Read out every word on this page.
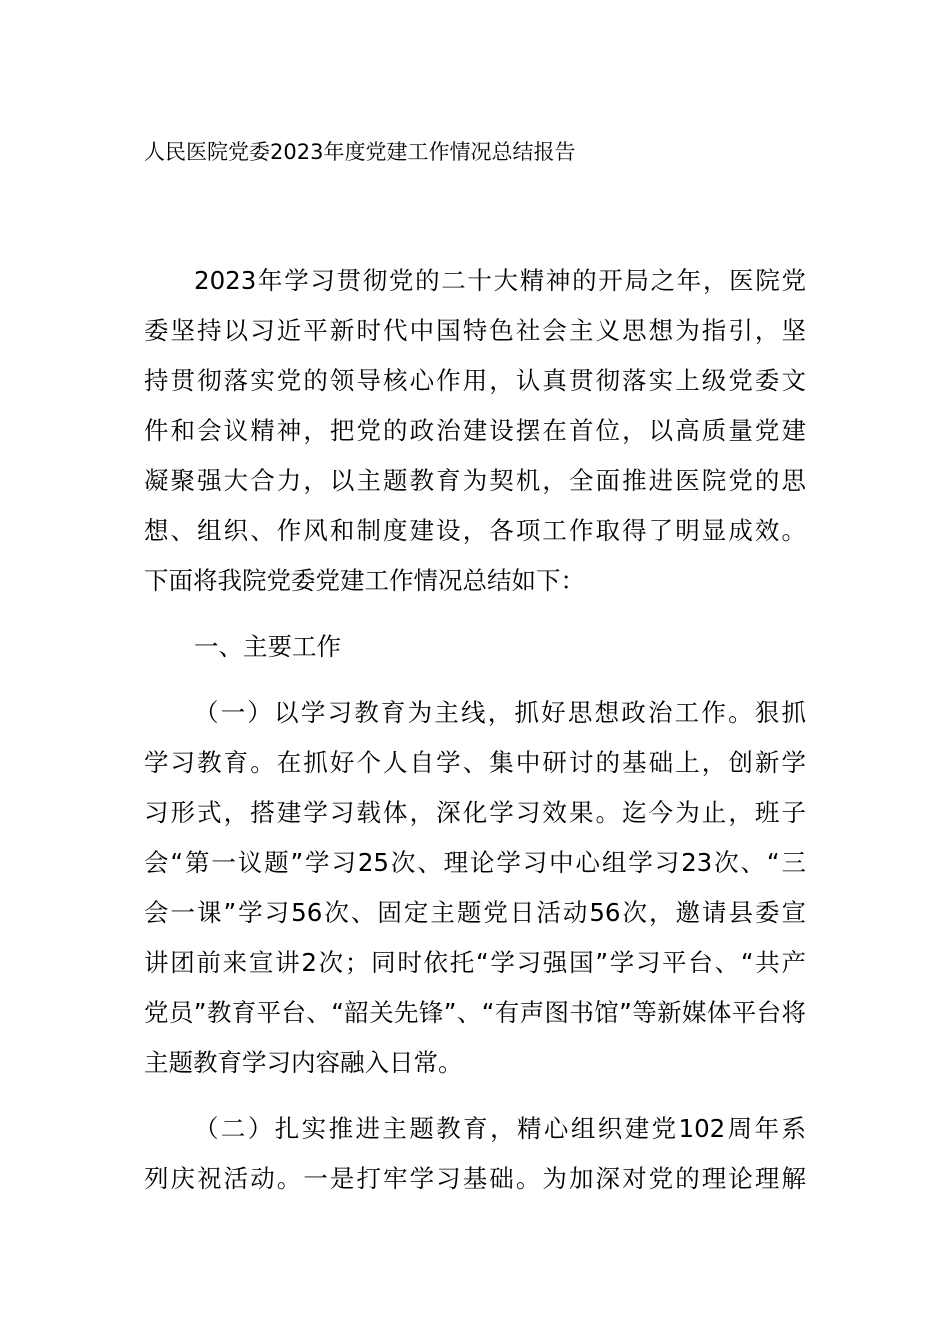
人民医院党委2023年度党建工作情况总结报告
2023年学习贯彻党的二十大精神的开局之年，医院党
委坚持以习近平新时代中国特色社会主义思想为指引，坚
持贯彻落实党的领导核心作用，认真贯彻落实上级党委文
件和会议精神，把党的政治建设摆在首位，以高质量党建
凝聚强大合力，以主题教育为契机，全面推进医院党的思
想、组织、作风和制度建设，各项工作取得了明显成效。
下面将我院党委党建工作情况总结如下：
一、主要工作
（一）以学习教育为主线，抓好思想政治工作。狠抓
学习教育。在抓好个人自学、集中研讨的基础上，创新学
习形式，搭建学习载体，深化学习效果。迄今为止，班子
会“第一议题”学习25次、理论学习中心组学习23次、“三
会一课”学习56次、固定主题党日活动56次，邀请县委宣
讲团前来宣讲2次；同时依托“学习强国”学习平台、“共产
党员”教育平台、“韶关先锋”、“有声图书馆”等新媒体平台将
主题教育学习内容融入日常。
（二）扎实推进主题教育，精心组织建党102周年系
列庆祝活动。一是打牢学习基础。为加深对党的理论理解
